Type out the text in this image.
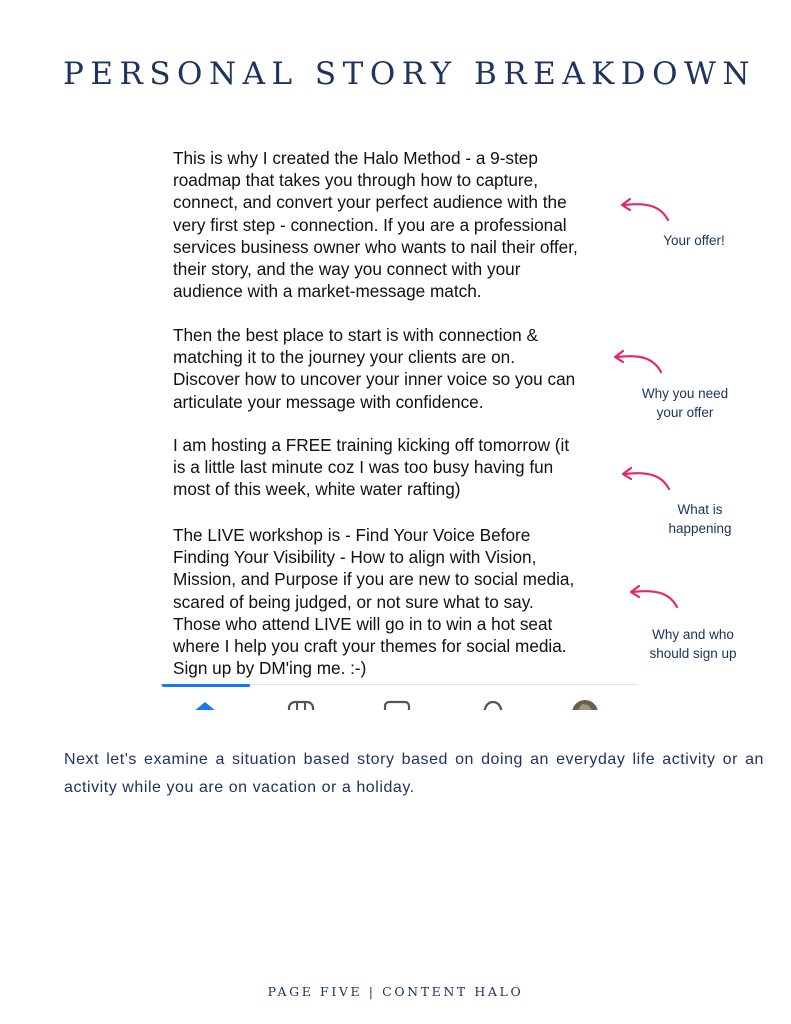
PERSONAL STORY BREAKDOWN

This is why I created the Halo Method - a 9-step
roadmap that takes you through how to capture,
connect, and convert your perfect audience with the
very first step - connection. If you are a professional
services business owner who wants to nail their offer,
their story, and the way you connect with your
audience with a market-message match.

Then the best place to start is with connection &
matching it to the journey your clients are on.
Discover how to uncover your inner voice so you can
articulate your message with confidence.

I am hosting a FREE training kicking off tomorrow (it
is a little last minute coz I was too busy having fun
most of this week, white water rafting)

The LIVE workshop is - Find Your Voice Before
Finding Your Visibility - How to align with Vision,
Mission, and Purpose if you are new to social media,
scared of being judged, or not sure what to say.
Those who attend LIVE will go in to win a hot seat
where I help you craft your themes for social media.
Sign up by DM'ing me. :-)

Your offer!
Why you need
your offer
What is
happening
Why and who
should sign up

Next let's examine a situation based story based on doing an everyday life activity or an activity while you are on vacation or a holiday.

PAGE FIVE | CONTENT HALO
